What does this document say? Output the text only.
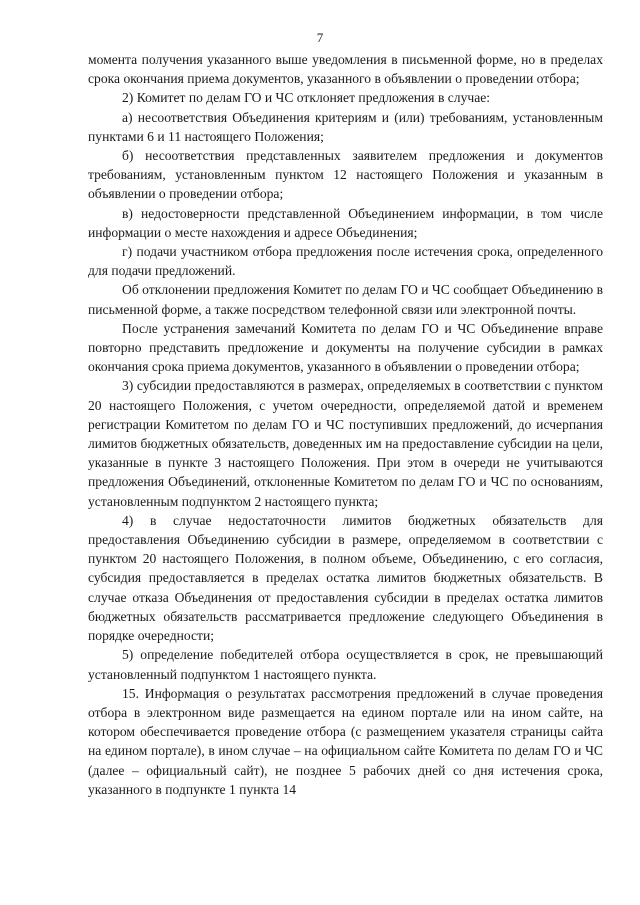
7

момента получения указанного выше уведомления в письменной форме, но в пределах срока окончания приема документов, указанного в объявлении о проведении отбора;

2) Комитет по делам ГО и ЧС отклоняет предложения в случае:

а) несоответствия Объединения критериям и (или) требованиям, установленным пунктами 6 и 11 настоящего Положения;

б) несоответствия представленных заявителем предложения и документов требованиям, установленным пунктом 12 настоящего Положения и указанным в объявлении о проведении отбора;

в) недостоверности представленной Объединением информации, в том числе информации о месте нахождения и адресе Объединения;

г) подачи участником отбора предложения после истечения срока, определенного для подачи предложений.

Об отклонении предложения Комитет по делам ГО и ЧС сообщает Объединению в письменной форме, а также посредством телефонной связи или электронной почты.

После устранения замечаний Комитета по делам ГО и ЧС Объединение вправе повторно представить предложение и документы на получение субсидии в рамках окончания срока приема документов, указанного в объявлении о проведении отбора;

3) субсидии предоставляются в размерах, определяемых в соответствии с пунктом 20 настоящего Положения, с учетом очередности, определяемой датой и временем регистрации Комитетом по делам ГО и ЧС поступивших предложений, до исчерпания лимитов бюджетных обязательств, доведенных им на предоставление субсидии на цели, указанные в пункте 3 настоящего Положения. При этом в очереди не учитываются предложения Объединений, отклоненные Комитетом по делам ГО и ЧС по основаниям, установленным подпунктом 2 настоящего пункта;

4) в случае недостаточности лимитов бюджетных обязательств для предоставления Объединению субсидии в размере, определяемом в соответствии с пунктом 20 настоящего Положения, в полном объеме, Объединению, с его согласия, субсидия предоставляется в пределах остатка лимитов бюджетных обязательств. В случае отказа Объединения от предоставления субсидии в пределах остатка лимитов бюджетных обязательств рассматривается предложение следующего Объединения в порядке очередности;

5) определение победителей отбора осуществляется в срок, не превышающий установленный подпунктом 1 настоящего пункта.

15. Информация о результатах рассмотрения предложений в случае проведения отбора в электронном виде размещается на едином портале или на ином сайте, на котором обеспечивается проведение отбора (с размещением указателя страницы сайта на едином портале), в ином случае – на официальном сайте Комитета по делам ГО и ЧС (далее – официальный сайт), не позднее 5 рабочих дней со дня истечения срока, указанного в подпункте 1 пункта 14
